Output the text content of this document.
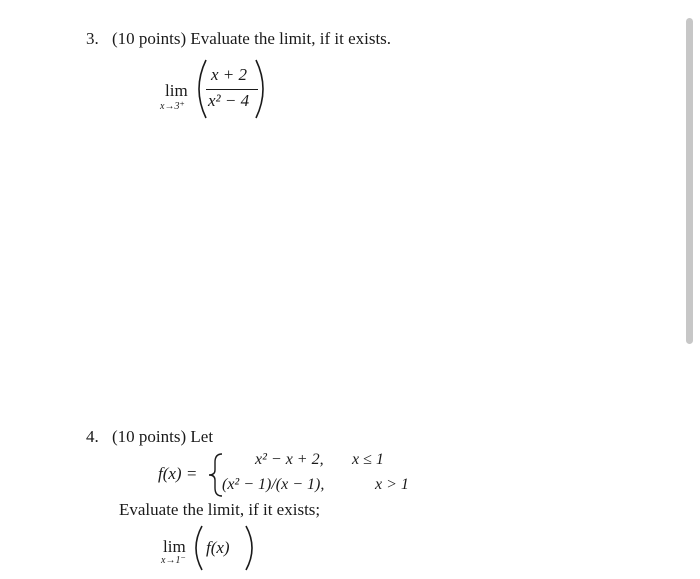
3. (10 points) Evaluate the limit, if it exists.
lim
x→3⁺
x + 2
x² − 4
4. (10 points) Let
f(x) =
x² − x + 2, x ≤ 1
(x² − 1)/(x − 1),	x > 1
Evaluate the limit, if it exists;
lim
x→1⁻
f(x)
